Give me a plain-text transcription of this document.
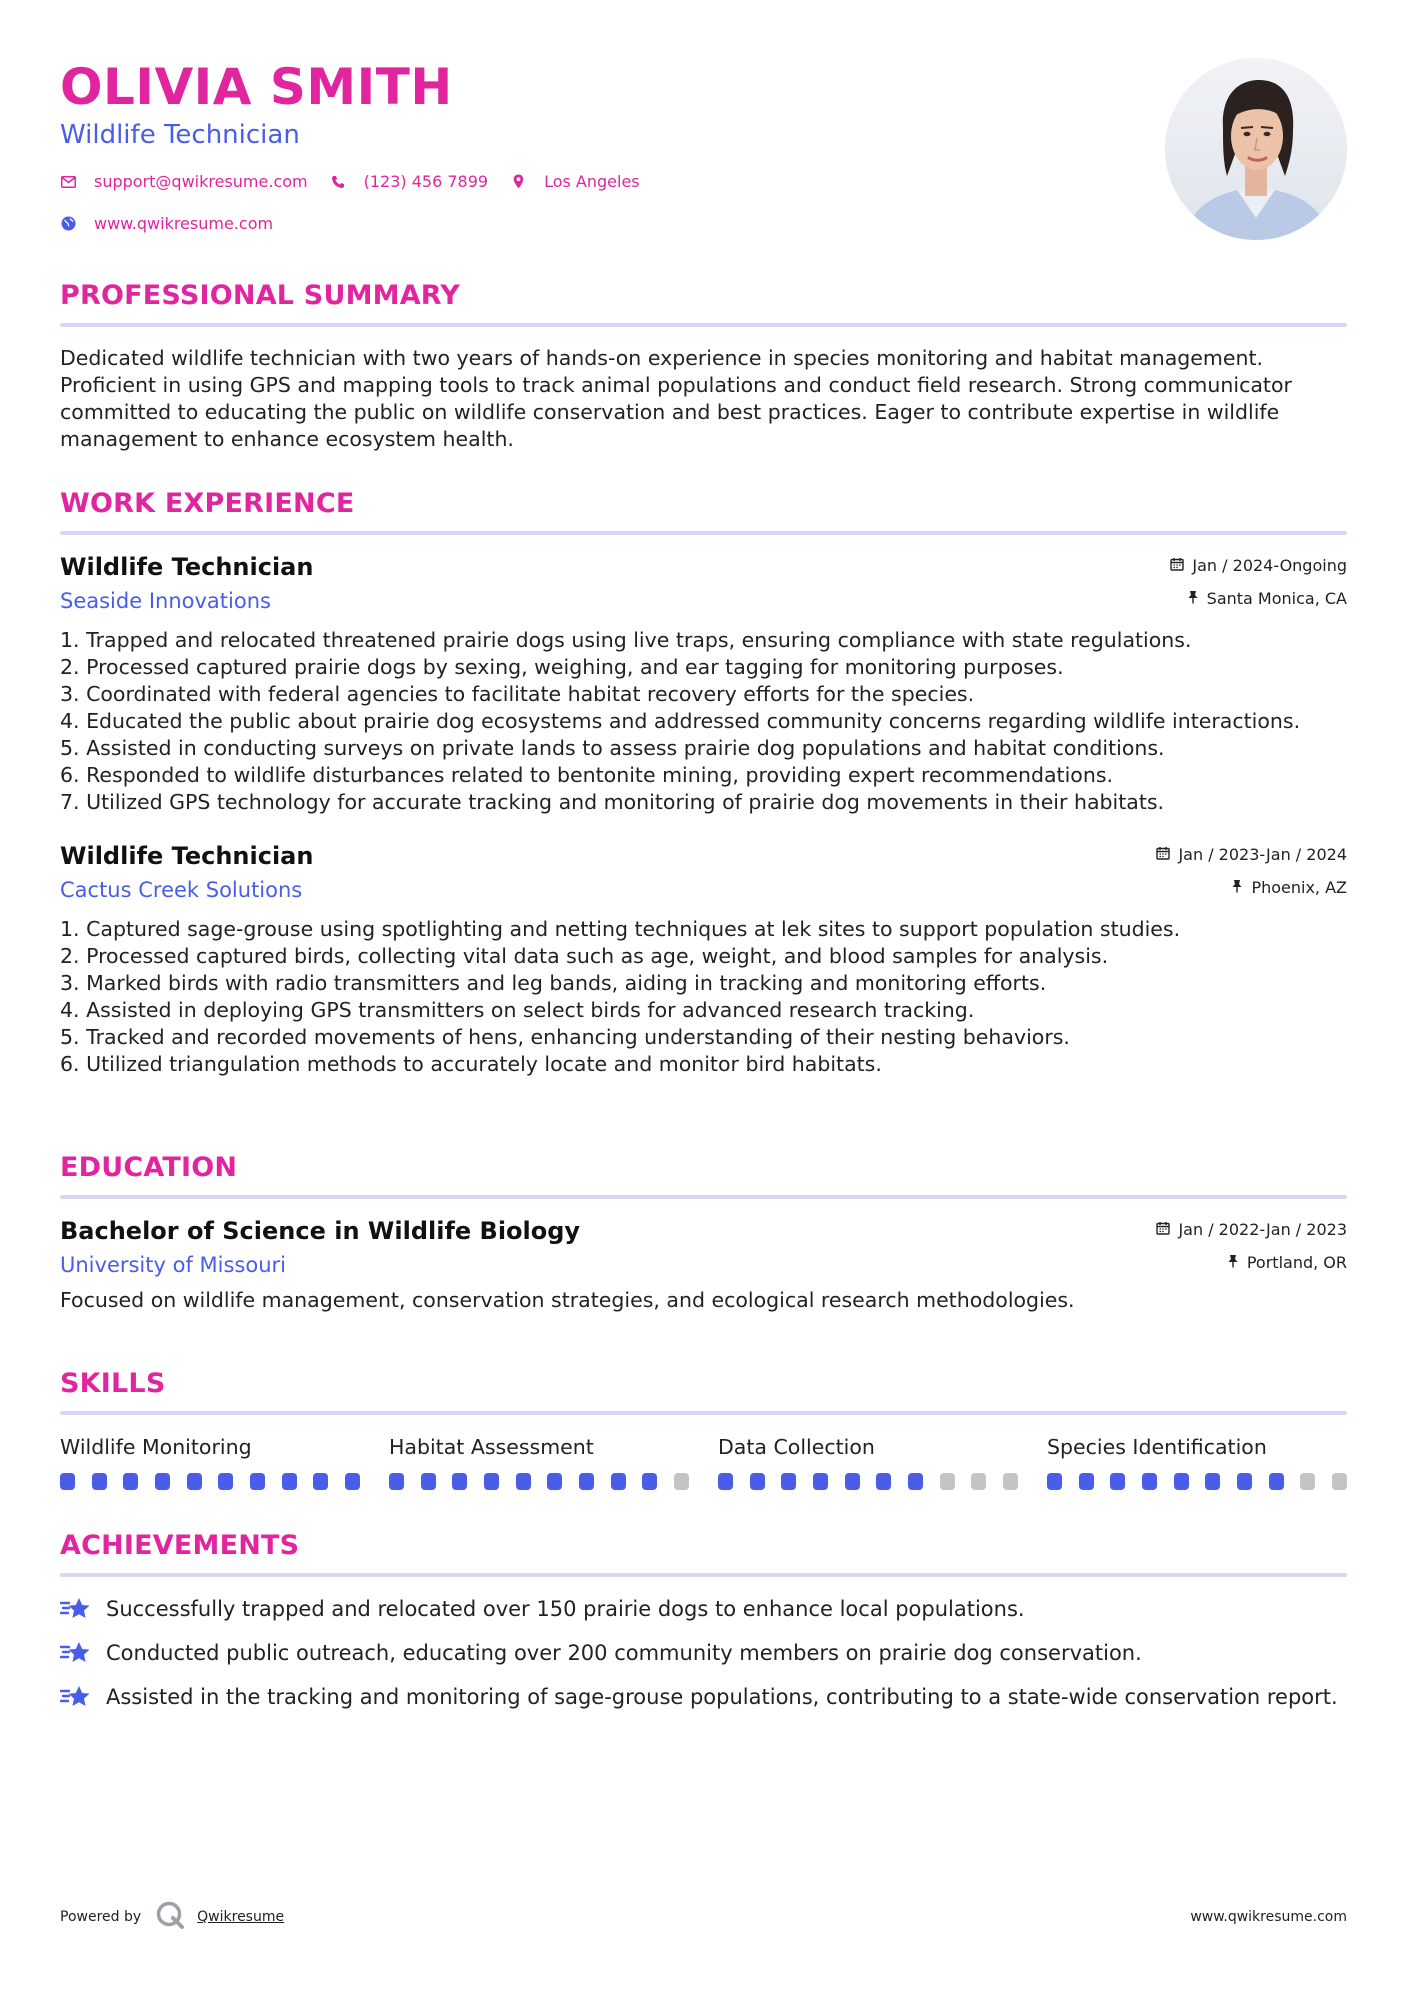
OLIVIA SMITH
Wildlife Technician
support@qwikresume.com	(123) 456 7899	Los Angeles
www.qwikresume.com
PROFESSIONAL SUMMARY

Dedicated wildlife technician with two years of hands-on experience in species monitoring and habitat management. Proficient in using GPS and mapping tools to track animal populations and conduct field research. Strong communicator committed to educating the public on wildlife conservation and best practices. Eager to contribute expertise in wildlife management to enhance ecosystem health.

WORK EXPERIENCE
Wildlife Technician
Seaside Innovations
Jan / 2024-Ongoing
Santa Monica, CA
1. Trapped and relocated threatened prairie dogs using live traps, ensuring compliance with state regulations.
2. Processed captured prairie dogs by sexing, weighing, and ear tagging for monitoring purposes.
3. Coordinated with federal agencies to facilitate habitat recovery efforts for the species.
4. Educated the public about prairie dog ecosystems and addressed community concerns regarding wildlife interactions.
5. Assisted in conducting surveys on private lands to assess prairie dog populations and habitat conditions.
6. Responded to wildlife disturbances related to bentonite mining, providing expert recommendations.
7. Utilized GPS technology for accurate tracking and monitoring of prairie dog movements in their habitats.
Wildlife Technician
Cactus Creek Solutions
Jan / 2023-Jan / 2024
Phoenix, AZ
1. Captured sage-grouse using spotlighting and netting techniques at lek sites to support population studies.
2. Processed captured birds, collecting vital data such as age, weight, and blood samples for analysis.
3. Marked birds with radio transmitters and leg bands, aiding in tracking and monitoring efforts.
4. Assisted in deploying GPS transmitters on select birds for advanced research tracking.
5. Tracked and recorded movements of hens, enhancing understanding of their nesting behaviors.
6. Utilized triangulation methods to accurately locate and monitor bird habitats.
EDUCATION
Bachelor of Science in Wildlife Biology
University of Missouri
Jan / 2022-Jan / 2023
Portland, OR

Focused on wildlife management, conservation strategies, and ecological research methodologies.

SKILLS
Wildlife Monitoring	Habitat Assessment	Data Collection	Species Identification
ACHIEVEMENTS
Successfully trapped and relocated over 150 prairie dogs to enhance local populations.
Conducted public outreach, educating over 200 community members on prairie dog conservation.
Assisted in the tracking and monitoring of sage-grouse populations, contributing to a state-wide conservation report.
Powered by	Qwikresume	www.qwikresume.com
